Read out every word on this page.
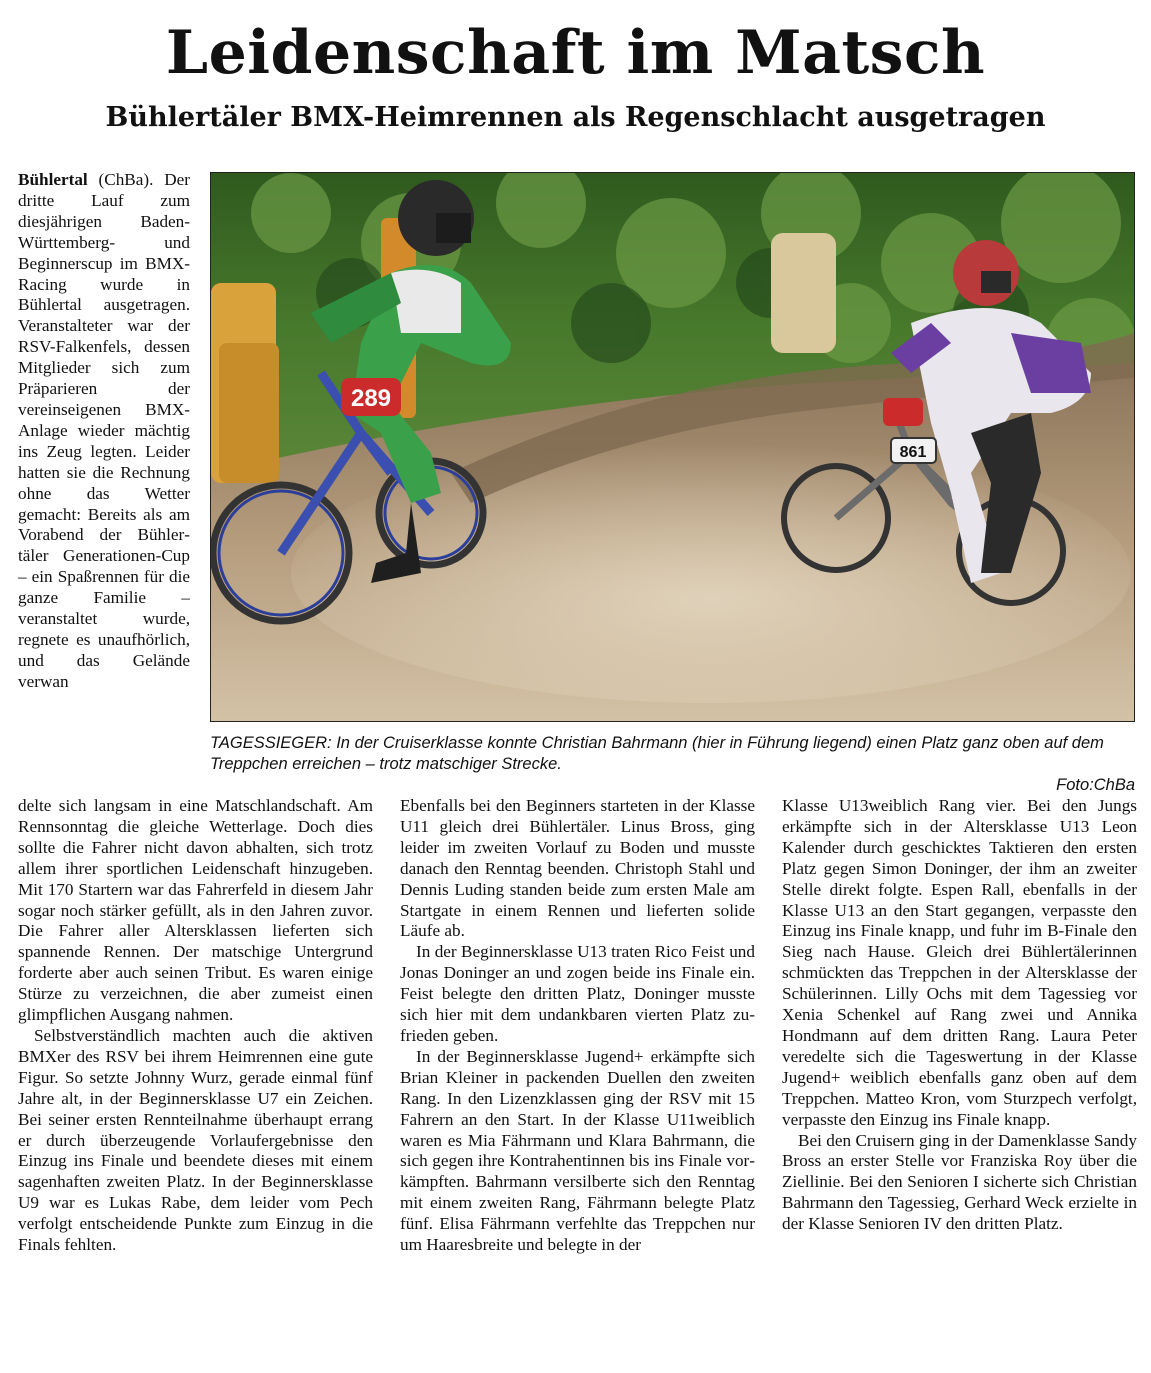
Leidenschaft im Matsch
Bühlertäler BMX-Heimrennen als Regenschlacht ausgetragen

Bühlertal (ChBa). Der dritte Lauf zum diesjährigen Baden-Württemberg- und Beginnerscup im BMX-Racing wurde in Bühlertal ausgetragen. Veranstalteter war der RSV-Falkenfels, dessen Mitglieder sich zum Präparieren der vereinseigenen BMX-Anlage wieder mächtig ins Zeug legten. Leider hatten sie die Rechnung ohne das Wetter gemacht: Bereits als am Vorabend der Bühlertäler Generationen-Cup – ein Spaßrennen für die ganze Familie – veranstaltet wurde, regnete es unaufhörlich, und das Gelände verwan

289
861
TAGESSIEGER: In der Cruiserklasse konnte Christian Bahrmann (hier in Führung liegend) einen Platz ganz oben auf dem Treppchen erreichen – trotz matschiger Strecke.
Foto:ChBa

delte sich langsam in eine Matschlandschaft. Am Rennsonntag die gleiche Wetterlage. Doch dies sollte die Fahrer nicht davon abhalten, sich trotz allem ihrer sportlichen Leidenschaft hinzugeben. Mit 170 Startern war das Fahrerfeld in diesem Jahr sogar noch stärker gefüllt, als in den Jahren zuvor. Die Fahrer aller Altersklassen lieferten sich spannende Rennen. Der matschige Untergrund forderte aber auch seinen Tribut. Es waren einige Stürze zu verzeichnen, die aber zumeist einen glimpflichen Ausgang nahmen.

Selbstverständlich machten auch die aktiven BMXer des RSV bei ihrem Heimrennen eine gute Figur. So setzte Johnny Wurz, gerade einmal fünf Jahre alt, in der Beginnersklasse U7 ein Zeichen. Bei seiner ersten Rennteilnahme überhaupt errang er durch überzeugende Vorlaufergebnisse den Einzug ins Finale und beendete dieses mit einem sagenhaften zweiten Platz. In der Beginnersklasse U9 war es Lukas Rabe, dem leider vom Pech verfolgt entscheidende Punkte zum Einzug in die Finals fehlten.

Ebenfalls bei den Beginners starteten in der Klasse U11 gleich drei Bühlertäler. Linus Bross, ging leider im zweiten Vorlauf zu Boden und musste danach den Renntag beenden. Christoph Stahl und Dennis Luding standen beide zum ersten Male am Startgate in einem Rennen und lieferten solide Läufe ab.

In der Beginnersklasse U13 traten Rico Feist und Jonas Doninger an und zogen beide ins Finale ein. Feist belegte den dritten Platz, Doninger musste sich hier mit dem undankbaren vierten Platz zufrieden geben.

In der Beginnersklasse Jugend+ erkämpfte sich Brian Kleiner in packenden Duellen den zweiten Rang. In den Lizenzklassen ging der RSV mit 15 Fahrern an den Start. In der Klasse U11weiblich waren es Mia Fährmann und Klara Bahrmann, die sich gegen ihre Kontrahentinnen bis ins Finale vorkämpften. Bahrmann versilberte sich den Renntag mit einem zweiten Rang, Fährmann belegte Platz fünf. Elisa Fährmann verfehlte das Treppchen nur um Haaresbreite und belegte in der

Klasse U13weiblich Rang vier. Bei den Jungs erkämpfte sich in der Altersklasse U13 Leon Kalender durch geschicktes Taktieren den ersten Platz gegen Simon Doninger, der ihm an zweiter Stelle direkt folgte. Espen Rall, ebenfalls in der Klasse U13 an den Start gegangen, verpasste den Einzug ins Finale knapp, und fuhr im B-Finale den Sieg nach Hause. Gleich drei Bühlertälerinnen schmückten das Treppchen in der Altersklasse der Schülerinnen. Lilly Ochs mit dem Tagessieg vor Xenia Schenkel auf Rang zwei und Annika Hondmann auf dem dritten Rang. Laura Peter veredelte sich die Tageswertung in der Klasse Jugend+ weiblich ebenfalls ganz oben auf dem Treppchen. Matteo Kron, vom Sturzpech verfolgt, verpasste den Einzug ins Finale knapp.

Bei den Cruisern ging in der Damenklasse Sandy Bross an erster Stelle vor Franziska Roy über die Ziellinie. Bei den Senioren I sicherte sich Christian Bahrmann den Tagessieg, Gerhard Weck erzielte in der Klasse Senioren IV den dritten Platz.
